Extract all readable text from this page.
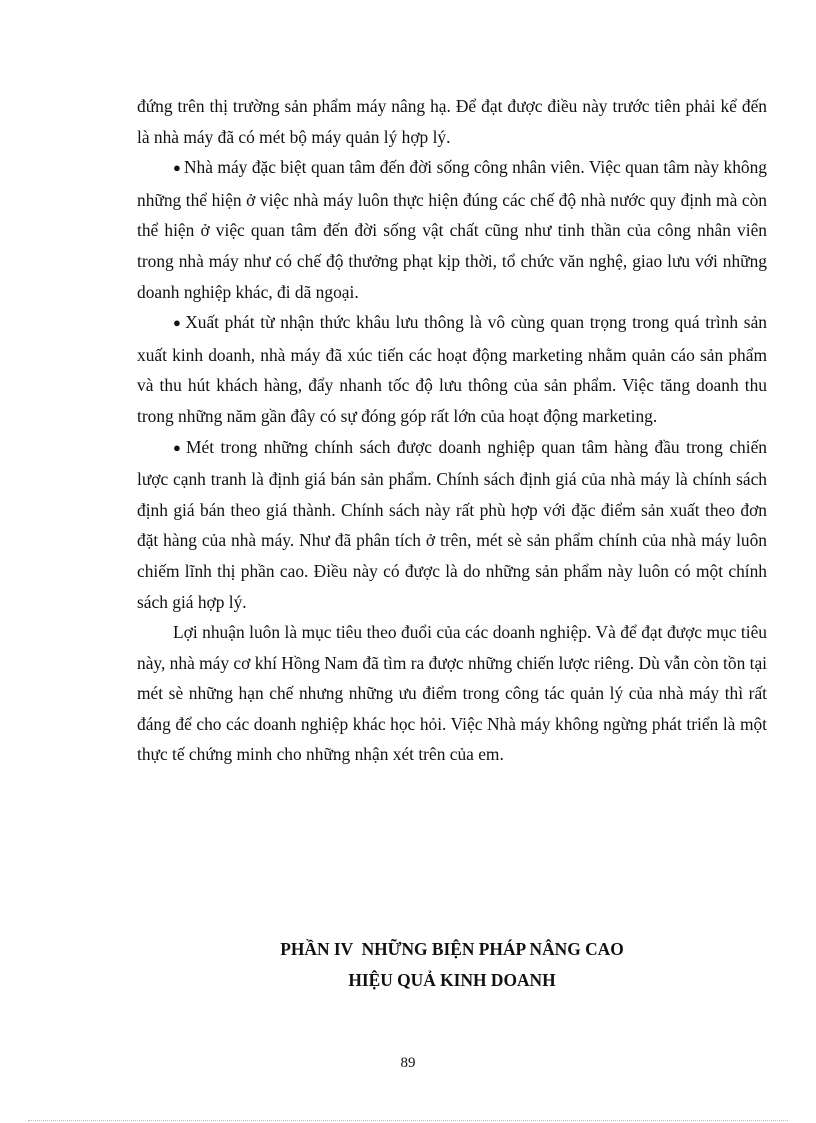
đứng trên thị trường sản phẩm máy nâng hạ. Để đạt được điều này trước tiên phải kể đến là nhà máy đã có mét bộ máy quản lý hợp lý.

● Nhà máy đặc biệt quan tâm đến đời sống công nhân viên. Việc quan tâm này không những thể hiện ở việc nhà máy luôn thực hiện đúng các chế độ nhà nước quy định mà còn thể hiện ở việc quan tâm đến đời sống vật chất cũng như tinh thần của công nhân viên trong nhà máy như có chế độ thưởng phạt kịp thời, tổ chức văn nghệ, giao lưu với những doanh nghiệp khác, đi dã ngoại.

● Xuất phát từ nhận thức khâu lưu thông là vô cùng quan trọng trong quá trình sản xuất kinh doanh, nhà máy đã xúc tiến các hoạt động marketing nhằm quản cáo sản phẩm và thu hút khách hàng, đẩy nhanh tốc độ lưu thông của sản phẩm. Việc tăng doanh thu trong những năm gần đây có sự đóng góp rất lớn của hoạt động marketing.

● Mét trong những chính sách được doanh nghiệp quan tâm hàng đầu trong chiến lược cạnh tranh là định giá bán sản phẩm. Chính sách định giá của nhà máy là chính sách định giá bán theo giá thành. Chính sách này rất phù hợp với đặc điểm sản xuất theo đơn đặt hàng của nhà máy. Như đã phân tích ở trên, mét sè sản phẩm chính của nhà máy luôn chiếm lĩnh thị phần cao. Điều này có được là do những sản phẩm này luôn có một chính sách giá hợp lý.

Lợi nhuận luôn là mục tiêu theo đuổi của các doanh nghiệp. Và để đạt được mục tiêu này, nhà máy cơ khí Hồng Nam đã tìm ra được những chiến lược riêng. Dù vẫn còn tồn tại mét sè những hạn chế nhưng những ưu điểm trong công tác quản lý của nhà máy thì rất đáng để cho các doanh nghiệp khác học hỏi. Việc Nhà máy không ngừng phát triển là một thực tế chứng minh cho những nhận xét trên của em.

PHẦN IV  NHỮNG BIỆN PHÁP NÂNG CAO
HIỆU QUẢ KINH DOANH
89
